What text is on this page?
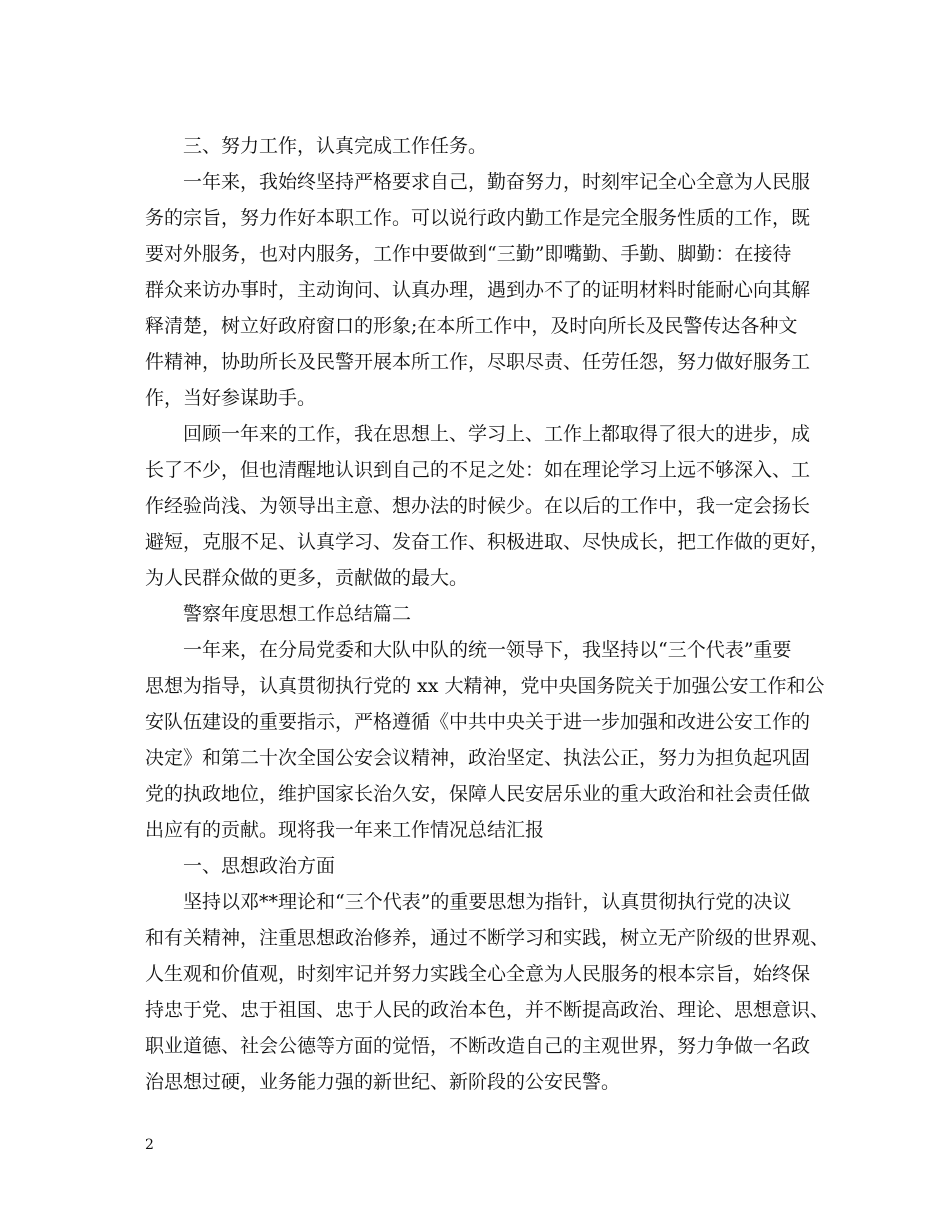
三、努力工作，认真完成工作任务。
一年来，我始终坚持严格要求自己，勤奋努力，时刻牢记全心全意为人民服
务的宗旨，努力作好本职工作。可以说行政内勤工作是完全服务性质的工作，既
要对外服务，也对内服务，工作中要做到“三勤”即嘴勤、手勤、脚勤：在接待
群众来访办事时，主动询问、认真办理，遇到办不了的证明材料时能耐心向其解
释清楚，树立好政府窗口的形象;在本所工作中，及时向所长及民警传达各种文
件精神，协助所长及民警开展本所工作，尽职尽责、任劳任怨，努力做好服务工
作，当好参谋助手。
回顾一年来的工作，我在思想上、学习上、工作上都取得了很大的进步，成
长了不少，但也清醒地认识到自己的不足之处：如在理论学习上远不够深入、工
作经验尚浅、为领导出主意、想办法的时候少。在以后的工作中，我一定会扬长
避短，克服不足、认真学习、发奋工作、积极进取、尽快成长，把工作做的更好，
为人民群众做的更多，贡献做的最大。
警察年度思想工作总结篇二
一年来，在分局党委和大队中队的统一领导下，我坚持以“三个代表”重要
思想为指导，认真贯彻执行党的 xx 大精神，党中央国务院关于加强公安工作和公
安队伍建设的重要指示，严格遵循《中共中央关于进一步加强和改进公安工作的
决定》和第二十次全国公安会议精神，政治坚定、执法公正，努力为担负起巩固
党的执政地位，维护国家长治久安，保障人民安居乐业的重大政治和社会责任做
出应有的贡献。现将我一年来工作情况总结汇报
一、思想政治方面
坚持以邓**理论和“三个代表”的重要思想为指针，认真贯彻执行党的决议
和有关精神，注重思想政治修养，通过不断学习和实践，树立无产阶级的世界观、
人生观和价值观，时刻牢记并努力实践全心全意为人民服务的根本宗旨，始终保
持忠于党、忠于祖国、忠于人民的政治本色，并不断提高政治、理论、思想意识、
职业道德、社会公德等方面的觉悟，不断改造自己的主观世界，努力争做一名政
治思想过硬，业务能力强的新世纪、新阶段的公安民警。
2
